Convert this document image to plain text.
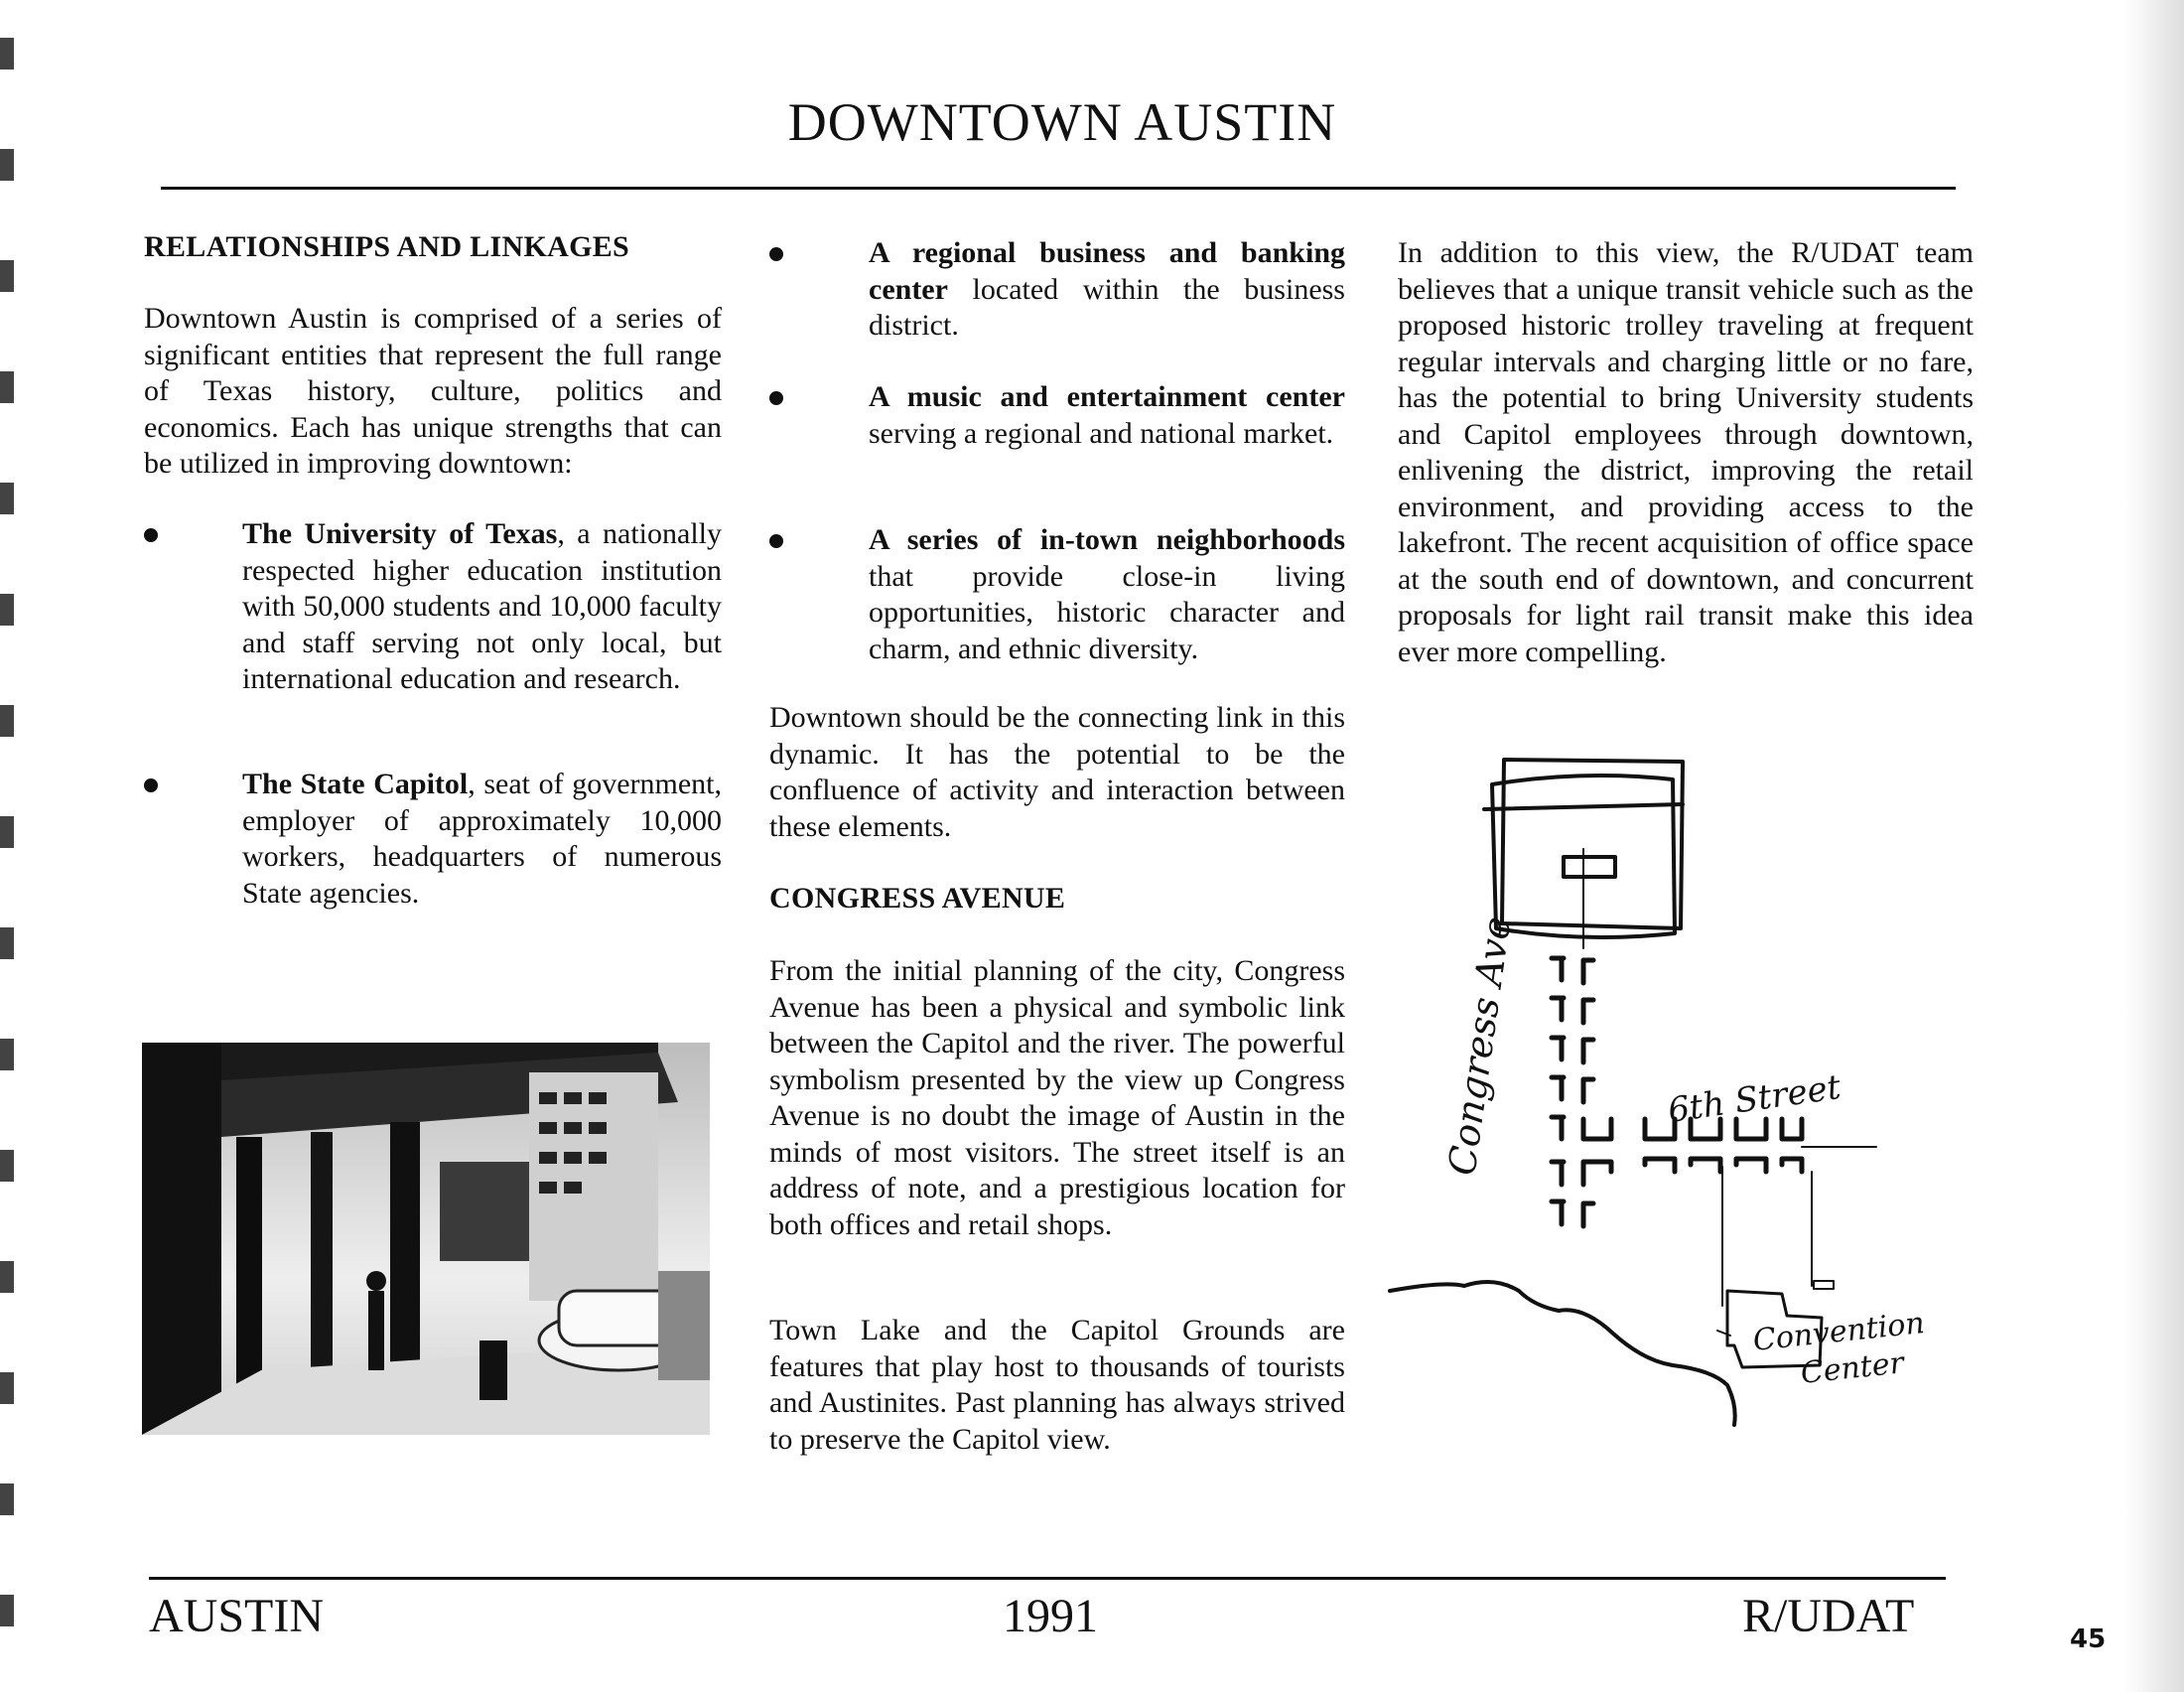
DOWNTOWN AUSTIN
RELATIONSHIPS AND LINKAGES

Downtown Austin is comprised of a series of significant entities that represent the full range of Texas history, culture, politics and economics. Each has unique strengths that can be utilized in improving downtown:

The University of Texas, a nationally respected higher education institution with 50,000 students and 10,000 faculty and staff serving not only local, but international education and research.
The State Capitol, seat of government, employer of approximately 10,000 workers, headquarters of numerous State agencies.
A regional business and banking center located within the business district.
A music and entertainment center serving a regional and national market.
A series of in-town neighborhoods that provide close-in living opportunities, historic character and charm, and ethnic diversity.

Downtown should be the connecting link in this dynamic. It has the potential to be the confluence of activity and interaction between these elements.

CONGRESS AVENUE

From the initial planning of the city, Congress Avenue has been a physical and symbolic link between the Capitol and the river. The powerful symbolism presented by the view up Congress Avenue is no doubt the image of Austin in the minds of most visitors. The street itself is an address of note, and a prestigious location for both offices and retail shops.

Town Lake and the Capitol Grounds are features that play host to thousands of tourists and Austinites. Past planning has always strived to preserve the Capitol view.

In addition to this view, the R/UDAT team believes that a unique transit vehicle such as the proposed historic trolley traveling at frequent regular intervals and charging little or no fare, has the potential to bring University students and Capitol employees through downtown, enlivening the district, improving the retail environment, and providing access to the lakefront. The recent acquisition of office space at the south end of downtown, and concurrent proposals for light rail transit make this idea ever more compelling.

Congress Ave	6th Street
Convention
Center
AUSTIN	1991	R/UDAT	45
